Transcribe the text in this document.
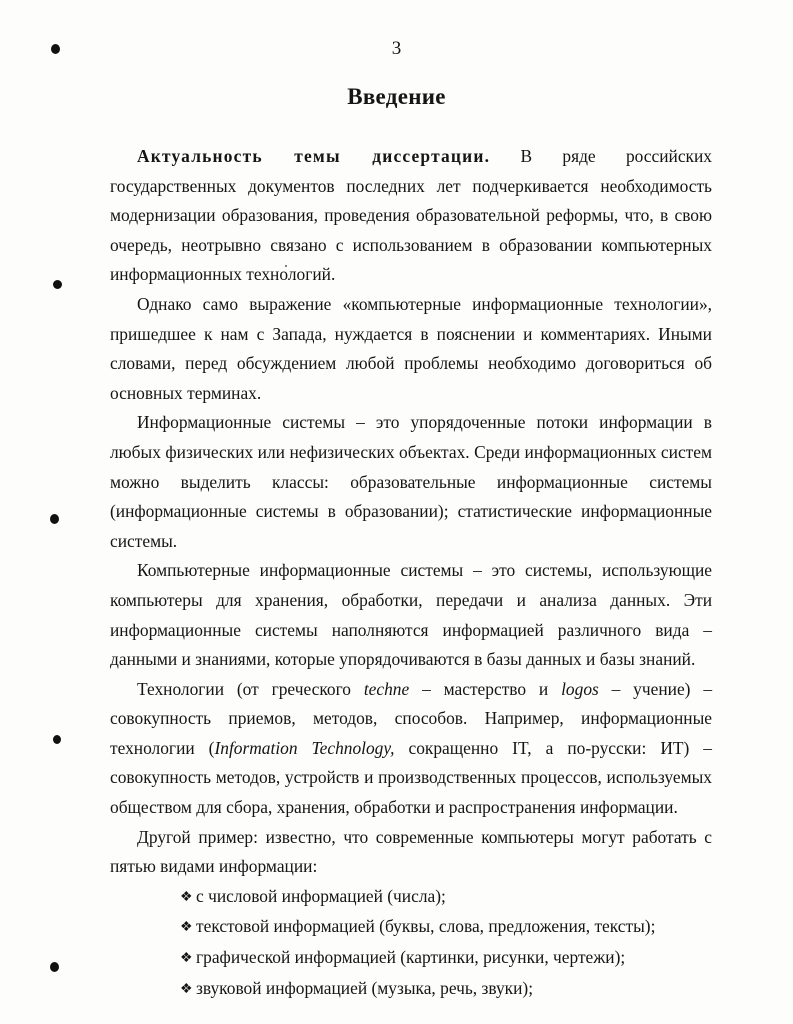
3
Введение

Актуальность темы диссертации. В ряде российских государственных документов последних лет подчеркивается необходимость модернизации образования, проведения образовательной реформы, что, в свою очередь, неотрывно связано с использованием в образовании компьютерных информационных технологий.

Однако само выражение «компьютерные информационные технологии», пришедшее к нам с Запада, нуждается в пояснении и комментариях. Иными словами, перед обсуждением любой проблемы необходимо договориться об основных терминах.

Информационные системы – это упорядоченные потоки информации в любых физических или нефизических объектах. Среди информационных систем можно выделить классы: образовательные информационные системы (информационные системы в образовании); статистические информационные системы.

Компьютерные информационные системы – это системы, использующие компьютеры для хранения, обработки, передачи и анализа данных. Эти информационные системы наполняются информацией различного вида – данными и знаниями, которые упорядочиваются в базы данных и базы знаний.

Технологии (от греческого techne – мастерство и logos – учение) – совокупность приемов, методов, способов. Например, информационные технологии (Information Technology, сокращенно IT, а по-русски: ИТ) – совокупность методов, устройств и производственных процессов, используемых обществом для сбора, хранения, обработки и распространения информации.

Другой пример: известно, что современные компьютеры могут работать с пятью видами информации:

❖ с числовой информацией (числа);
❖ текстовой информацией (буквы, слова, предложения, тексты);
❖ графической информацией (картинки, рисунки, чертежи);
❖ звуковой информацией (музыка, речь, звуки);
